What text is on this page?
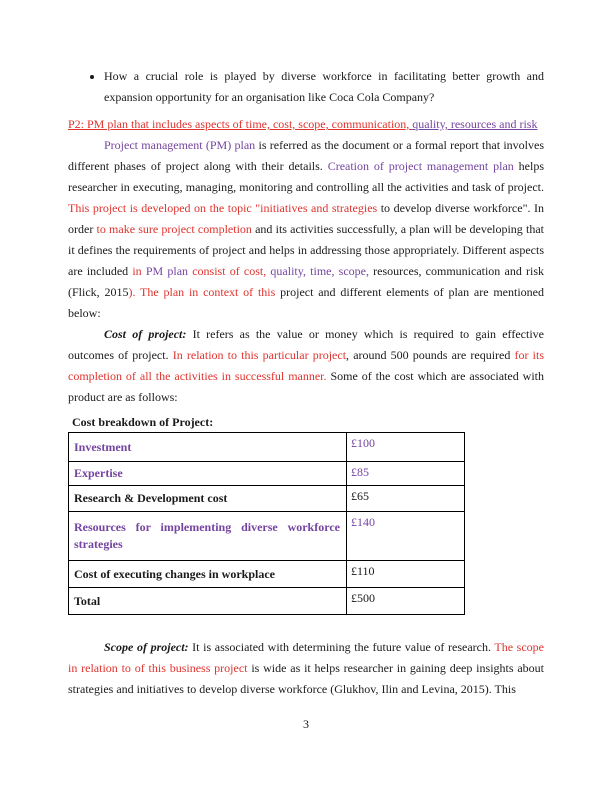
• How a crucial role is played by diverse workforce in facilitating better growth and expansion opportunity for an organisation like Coca Cola Company?
P2: PM plan that includes aspects of time, cost, scope, communication, quality, resources and risk

Project management (PM) plan is referred as the document or a formal report that involves different phases of project along with their details. Creation of project management plan helps researcher in executing, managing, monitoring and controlling all the activities and task of project. This project is developed on the topic "initiatives and strategies to develop diverse workforce". In order to make sure project completion and its activities successfully, a plan will be developing that it defines the requirements of project and helps in addressing those appropriately. Different aspects are included in PM plan consist of cost, quality, time, scope, resources, communication and risk (Flick, 2015). The plan in context of this project and different elements of plan are mentioned below:

Cost of project: It refers as the value or money which is required to gain effective outcomes of project. In relation to this particular project, around 500 pounds are required for its completion of all the activities in successful manner. Some of the cost which are associated with product are as follows:

Cost breakdown of Project:

Investment	£100
Expertise	£85
Research & Development cost	£65
Resources for implementing diverse workforce strategies	£140
Cost of executing changes in workplace	£110
Total	£500

Scope of project: It is associated with determining the future value of research. The scope in relation to of this business project is wide as it helps researcher in gaining deep insights about strategies and initiatives to develop diverse workforce (Glukhov, Ilin and Levina, 2015). This

3
